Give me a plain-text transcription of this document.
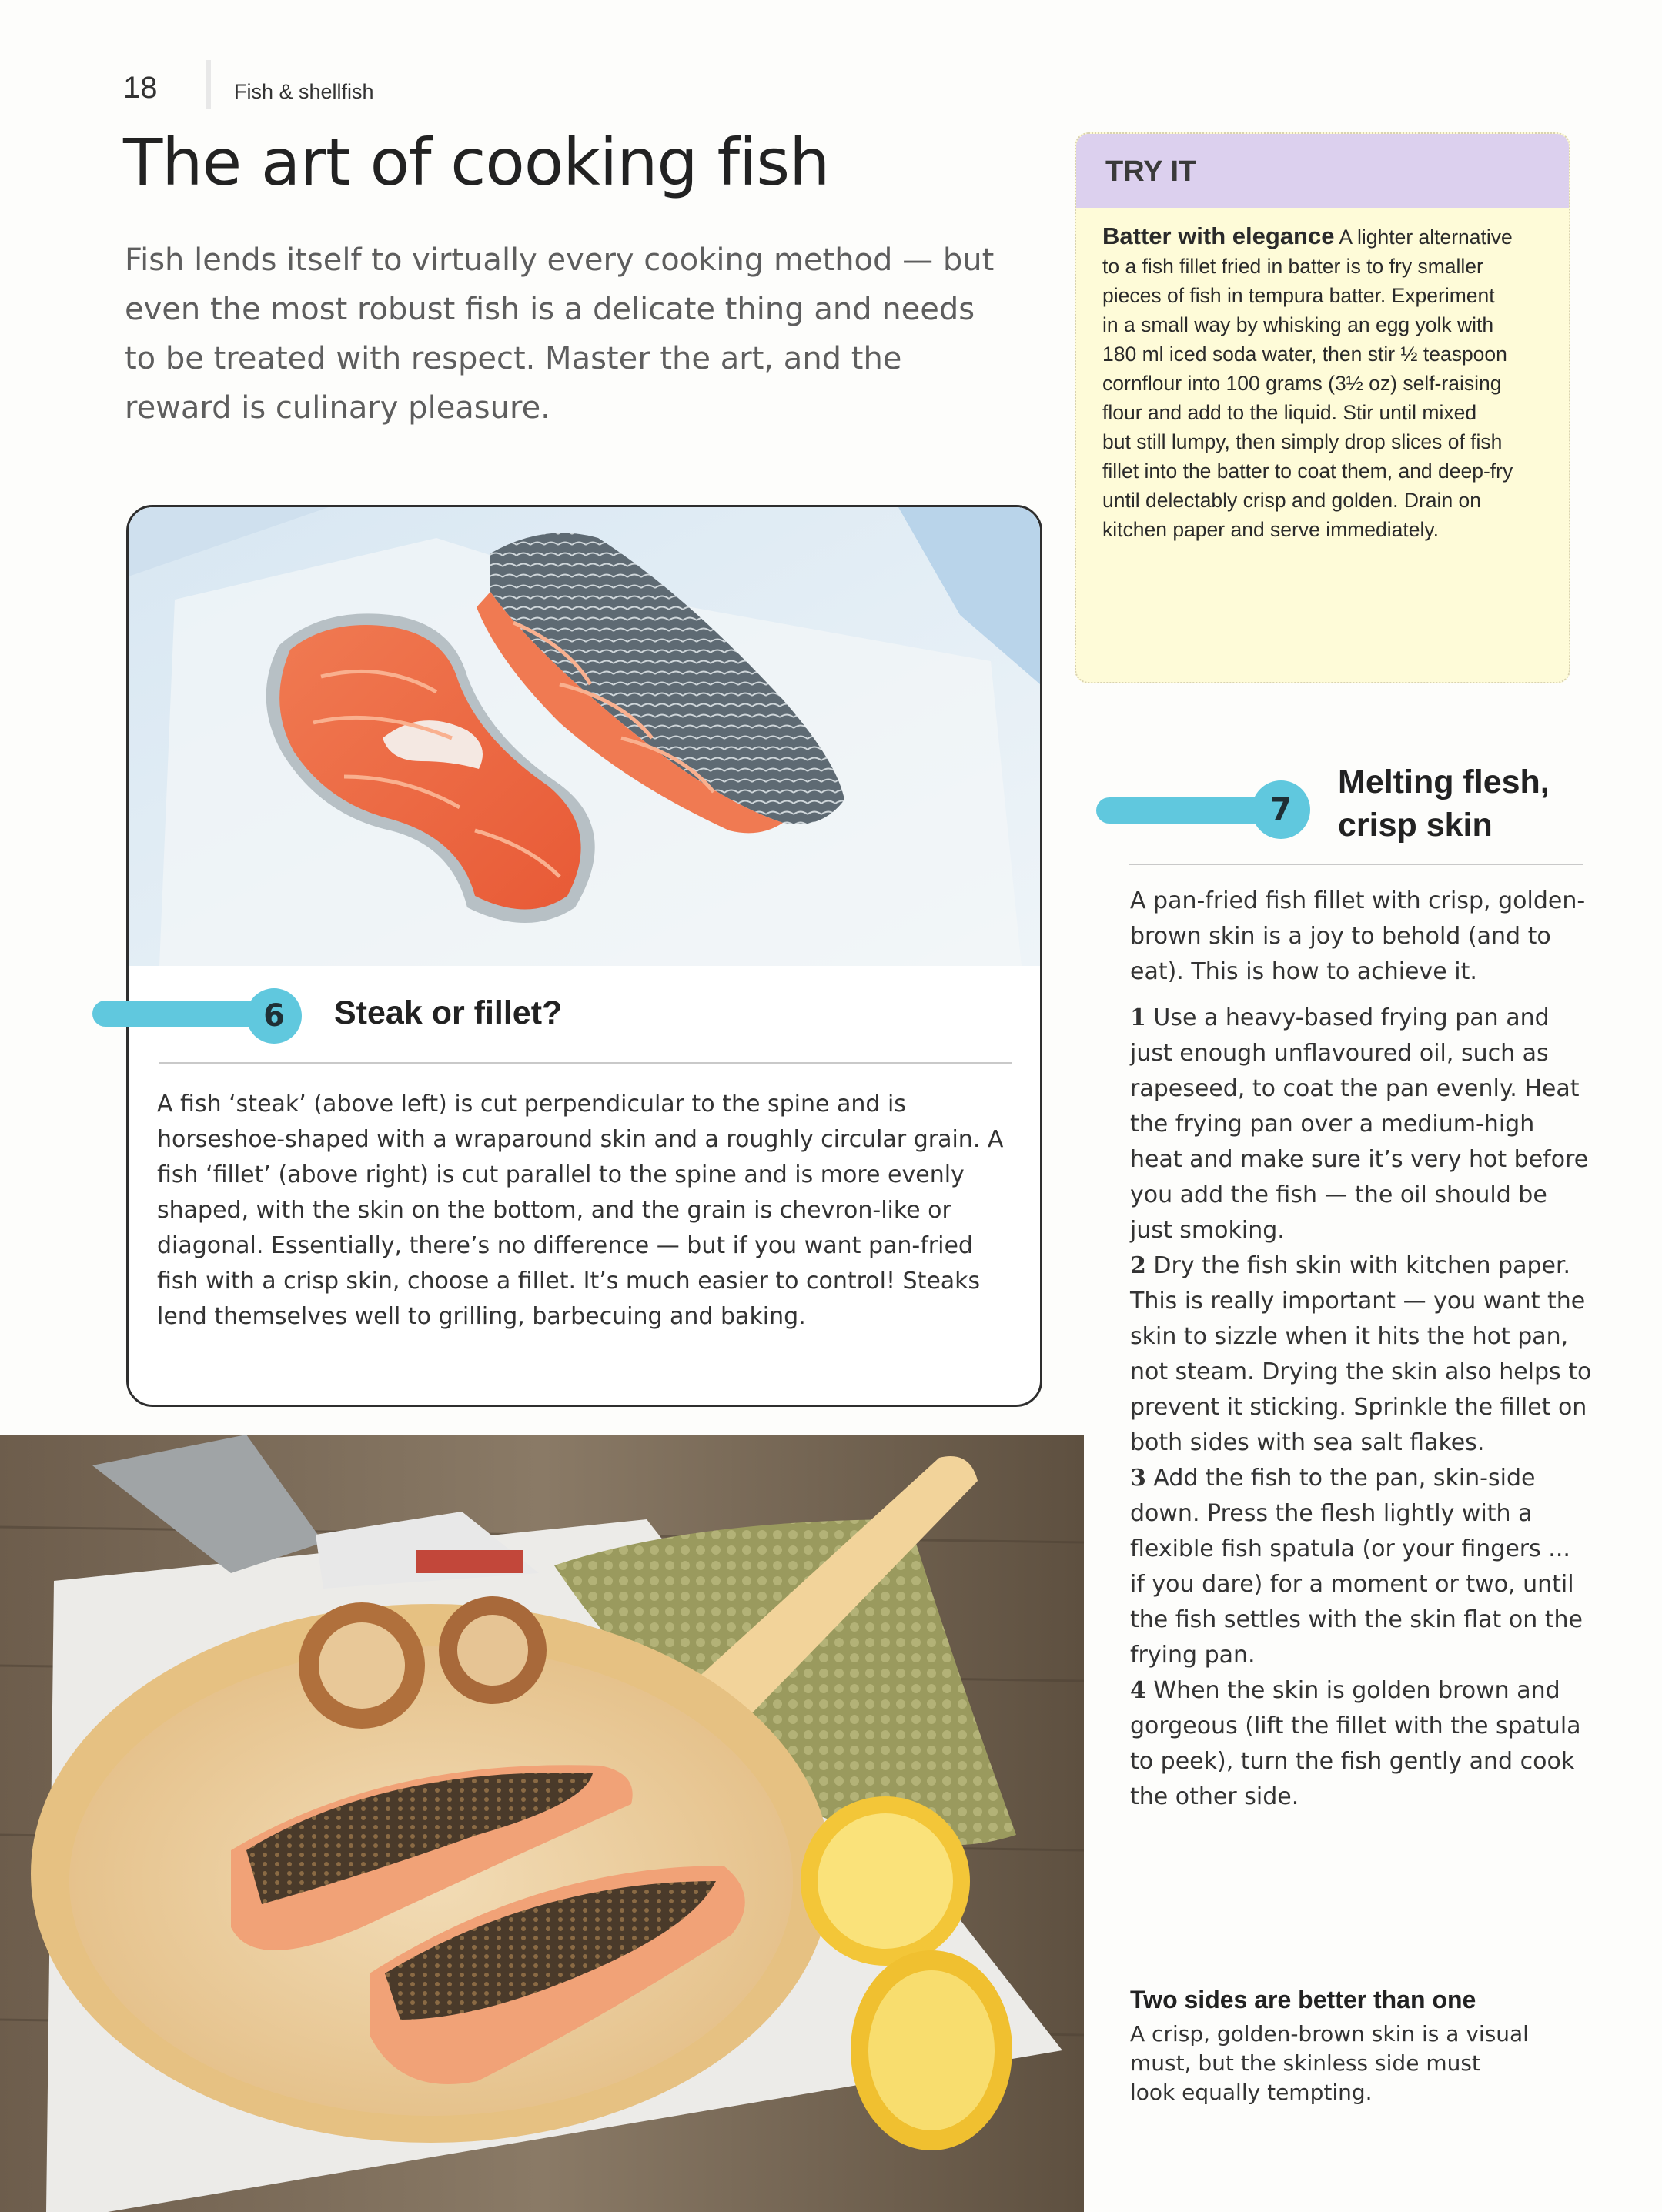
18	Fish & shellfish
The art of cooking fish
Fish lends itself to virtually every cooking method — but even the most robust fish is a delicate thing and needs to be treated with respect. Master the art, and the reward is culinary pleasure.
TRY IT
Batter with elegance A lighter alternative
to a fish fillet fried in batter is to fry smaller
pieces of fish in tempura batter. Experiment
in a small way by whisking an egg yolk with
180 ml iced soda water, then stir ½ teaspoon
cornflour into 100 grams (3½ oz) self-raising
flour and add to the liquid. Stir until mixed
but still lumpy, then simply drop slices of fish
fillet into the batter to coat them, and deep-fry
until delectably crisp and golden. Drain on
kitchen paper and serve immediately.
6	Steak or fillet?
A fish ‘steak’ (above left) is cut perpendicular to the spine and is horseshoe-shaped with a wraparound skin and a roughly circular grain. A fish ‘fillet’ (above right) is cut parallel to the spine and is more evenly shaped, with the skin on the bottom, and the grain is chevron-like or diagonal. Essentially, there’s no difference — but if you want pan-fried fish with a crisp skin, choose a fillet. It’s much easier to control! Steaks lend themselves well to grilling, barbecuing and baking.
7
Melting flesh, crisp skin
A pan-fried fish fillet with crisp, golden-brown skin is a joy to behold (and to eat). This is how to achieve it.
1 Use a heavy-based frying pan and just enough unflavoured oil, such as rapeseed, to coat the pan evenly. Heat the frying pan over a medium-high heat and make sure it’s very hot before you add the fish — the oil should be just smoking.
2 Dry the fish skin with kitchen paper. This is really important — you want the skin to sizzle when it hits the hot pan, not steam. Drying the skin also helps to prevent it sticking. Sprinkle the fillet on both sides with sea salt flakes.
3 Add the fish to the pan, skin-side down. Press the flesh lightly with a flexible fish spatula (or your fingers ... if you dare) for a moment or two, until the fish settles with the skin flat on the frying pan.
4 When the skin is golden brown and gorgeous (lift the fillet with the spatula to peek), turn the fish gently and cook the other side.
Two sides are better than one
A crisp, golden-brown skin is a visual must, but the skinless side must look equally tempting.
